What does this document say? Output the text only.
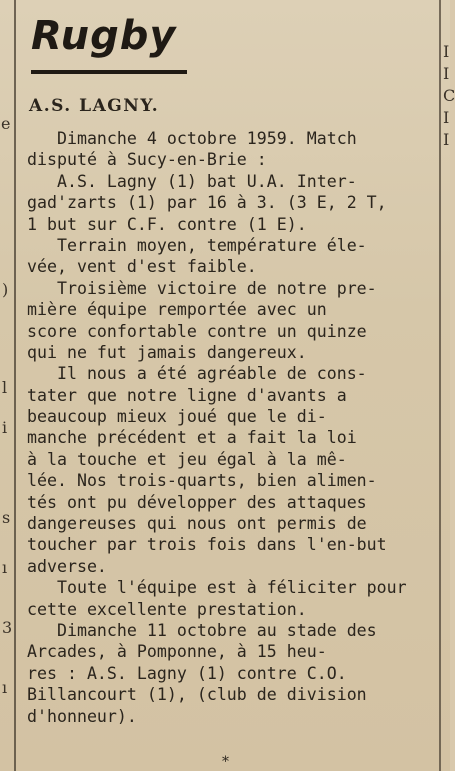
I
I
C
I
I
e
)
l
i
s
ı
3
ı
Rugby
A.S. LAGNY.
Dimanche 4 octobre 1959. Match
disputé à Sucy-en-Brie :
A.S. Lagny (1) bat U.A. Inter-
gad'zarts (1) par 16 à 3. (3 E, 2 T,
1 but sur C.F. contre (1 E).
Terrain moyen, température éle-
vée, vent d'est faible.
Troisième victoire de notre pre-
mière équipe remportée avec un
score confortable contre un quinze
qui ne fut jamais dangereux.
Il nous a été agréable de cons-
tater que notre ligne d'avants a
beaucoup mieux joué que le di-
manche précédent et a fait la loi
à la touche et jeu égal à la mê-
lée. Nos trois-quarts, bien alimen-
tés ont pu développer des attaques
dangereuses qui nous ont permis de
toucher par trois fois dans l'en-but
adverse.
Toute l'équipe est à féliciter pour
cette excellente prestation.
Dimanche 11 octobre au stade des
Arcades, à Pomponne, à 15 heu-
res : A.S. Lagny (1) contre C.O.
Billancourt (1), (club de division
d'honneur).
*
